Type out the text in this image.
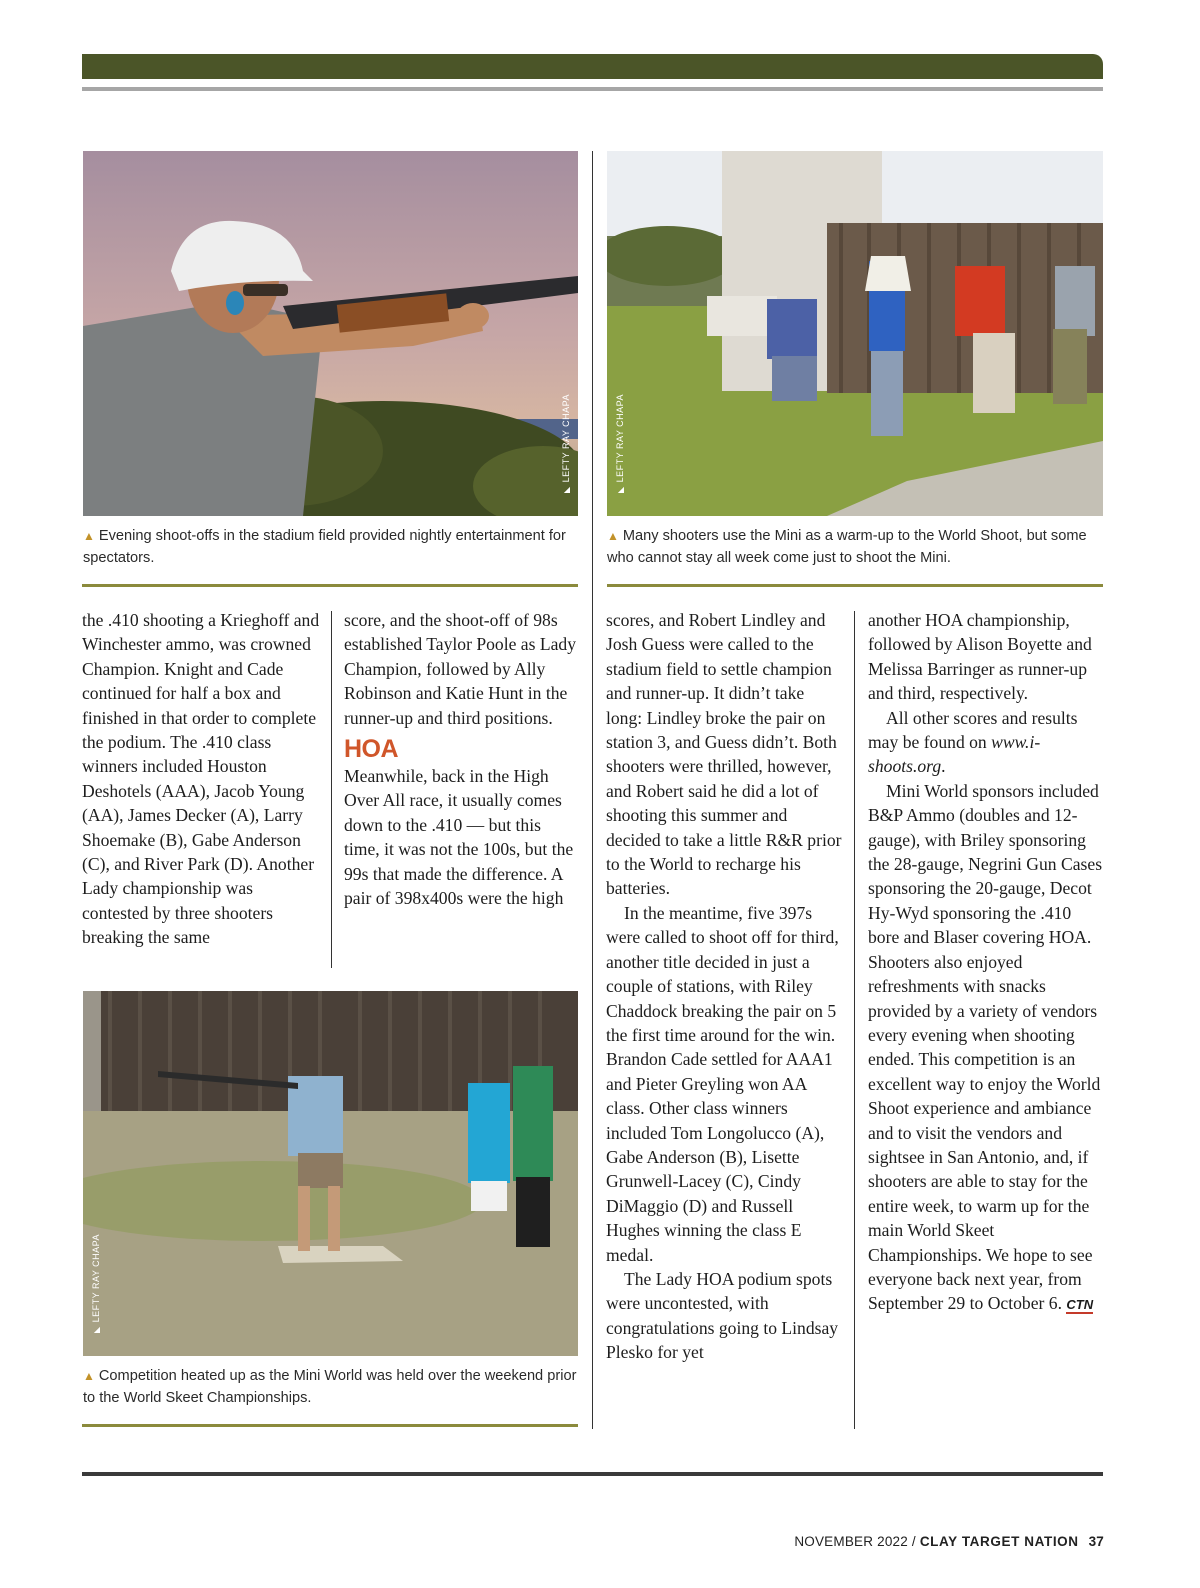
◣ LEFTY RAY CHAPA
◣	LEFTY RAY CHAPA
▲ Evening shoot-offs in the stadium field provided nightly entertainment for spectators.
▲ Many shooters use the Mini as a warm-up to the World Shoot, but some who cannot stay all week come just to shoot the Mini.

the .410 shooting a Krieghoff and Winchester ammo, was crowned Champion. Knight and Cade continued for half a box and finished in that order to complete the podium. The .410 class winners included Houston Deshotels (AAA), Jacob Young (AA), James Decker (A), Larry Shoemake (B), Gabe Anderson (C), and River Park (D). Another Lady championship was contested by three shooters breaking the same

score, and the shoot-off of 98s established Taylor Poole as Lady Champion, followed by Ally Robinson and Katie Hunt in the runner-up and third positions.

HOA

Meanwhile, back in the High Over All race, it usually comes down to the .410 — but this time, it was not the 100s, but the 99s that made the difference. A pair of 398x400s were the high

◣ LEFTY RAY CHAPA
▲ Competition heated up as the Mini World was held over the weekend prior to the World Skeet Championships.

scores, and Robert Lindley and Josh Guess were called to the stadium field to settle champion and runner-up. It didn’t take long: Lindley broke the pair on station 3, and Guess didn’t. Both shooters were thrilled, however, and Robert said he did a lot of shooting this summer and decided to take a little R&R prior to the World to recharge his batteries.

In the meantime, five 397s were called to shoot off for third, another title decided in just a couple of stations, with Riley Chaddock breaking the pair on 5 the first time around for the win. Brandon Cade settled for AAA1 and Pieter Greyling won AA class. Other class winners included Tom Longolucco (A), Gabe Anderson (B), Lisette Grunwell-Lacey (C), Cindy DiMaggio (D) and Russell Hughes winning the class E medal.

The Lady HOA podium spots were uncontested, with congratulations going to Lindsay Plesko for yet

another HOA championship, followed by Alison Boyette and Melissa Barringer as runner-up and third, respectively.

All other scores and results may be found on www.i-shoots.org.

Mini World sponsors included B&P Ammo (doubles and 12-gauge), with Briley sponsoring the 28-gauge, Negrini Gun Cases sponsoring the 20-gauge, Decot Hy-Wyd sponsoring the .410 bore and Blaser covering HOA. Shooters also enjoyed refreshments with snacks provided by a variety of vendors every evening when shooting ended. This competition is an excellent way to enjoy the World Shoot experience and ambiance and to visit the vendors and sightsee in San Antonio, and, if shooters are able to stay for the entire week, to warm up for the main World Skeet Championships. We hope to see everyone back next year, from September 29 to October 6. CTN

NOVEMBER 2022 / CLAY TARGET NATION 37
